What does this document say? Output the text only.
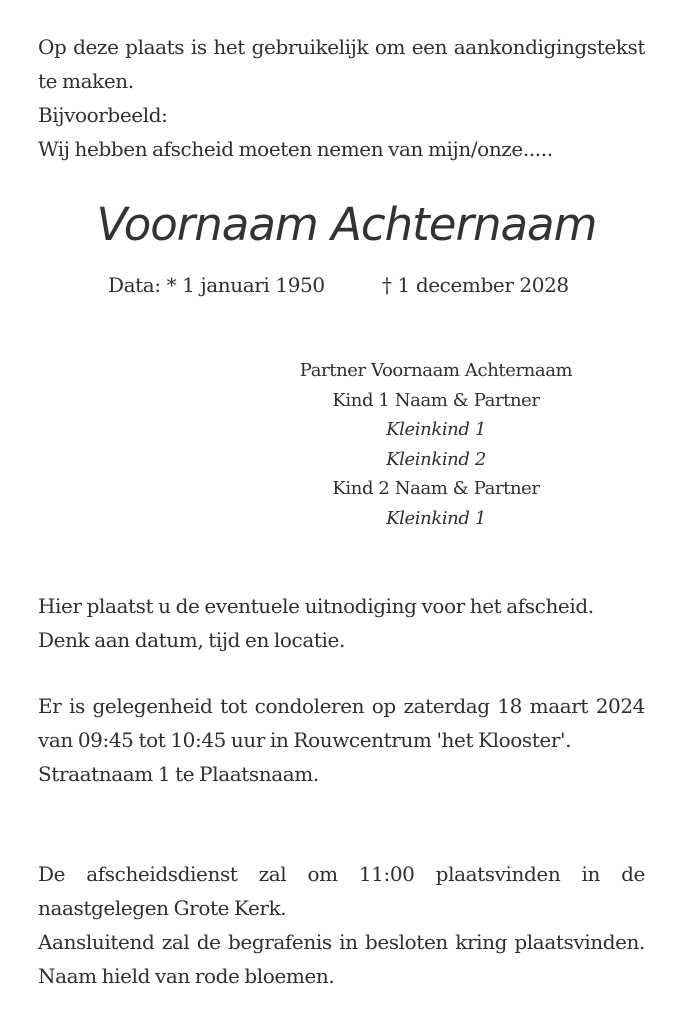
Op deze plaats is het gebruikelijk om een aankondigingstekst te maken.
Bijvoorbeeld:
Wij hebben afscheid moeten nemen van mijn/onze.....
Voornaam Achternaam
Data: * 1 januari 1950	† 1 december 2028
Partner Voornaam Achternaam
Kind 1 Naam & Partner
Kleinkind 1
Kleinkind 2
Kind 2 Naam & Partner
Kleinkind 1
Hier plaatst u de eventuele uitnodiging voor het afscheid.
Denk aan datum, tijd en locatie.
Er is gelegenheid tot condoleren op zaterdag 18 maart 2024 van 09:45 tot 10:45 uur in Rouwcentrum 'het Klooster'.
Straatnaam 1 te Plaatsnaam.
De afscheidsdienst zal om 11:00 plaatsvinden in de naastgelegen Grote Kerk.
Aansluitend zal de begrafenis in besloten kring plaatsvinden. Naam hield van rode bloemen.
